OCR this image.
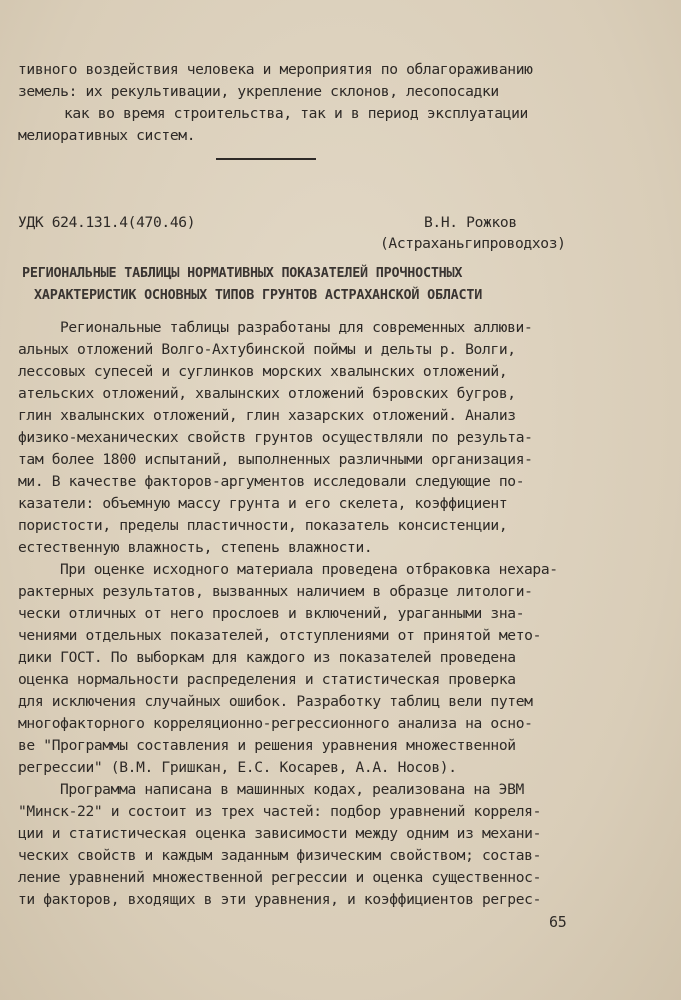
тивного воздействия человека и мероприятия по облагораживанию
земель: их рекультивации, укрепление склонов, лесопосадки
как во время строительства, так и в период эксплуатации
мелиоративных систем.
УДК 624.131.4(470.46)	В.Н. Рожков
(Астраханьгипроводхоз)
РЕГИОНАЛЬНЫЕ ТАБЛИЦЫ НОРМАТИВНЫХ ПОКАЗАТЕЛЕЙ ПРОЧНОСТНЫХ
ХАРАКТЕРИСТИК ОСНОВНЫХ ТИПОВ ГРУНТОВ АСТРАХАНСКОЙ ОБЛАСТИ
Региональные таблицы разработаны для современных аллюви-
альных отложений Волго-Ахтубинской поймы и дельты р. Волги,
лессовых супесей и суглинков морских хвалынских отложений,
ательских отложений, хвалынских отложений бэровских бугров,
глин хвалынских отложений, глин хазарских отложений. Анализ
физико-механических свойств грунтов осуществляли по результа-
там более 1800 испытаний, выполненных различными организация-
ми. В качестве факторов-аргументов исследовали следующие по-
казатели: объемную массу грунта и его скелета, коэффициент
пористости, пределы пластичности, показатель консистенции,
естественную влажность, степень влажности.
При оценке исходного материала проведена отбраковка нехара-
рактерных результатов, вызванных наличием в образце литологи-
чески отличных от него прослоев и включений, ураганными зна-
чениями отдельных показателей, отступлениями от принятой мето-
дики ГОСТ. По выборкам для каждого из показателей проведена
оценка нормальности распределения и статистическая проверка
для исключения случайных ошибок. Разработку таблиц вели путем
многофакторного корреляционно-регрессионного анализа на осно-
ве "Программы составления и решения уравнения множественной
регрессии" (В.М. Гришкан, Е.С. Косарев, А.А. Носов).
Программа написана в машинных кодах, реализована на ЭВМ
"Минск-22" и состоит из трех частей: подбор уравнений корреля-
ции и статистическая оценка зависимости между одним из механи-
ческих свойств и каждым заданным физическим свойством; состав-
ление уравнений множественной регрессии и оценка существеннос-
ти факторов, входящих в эти уравнения, и коэффициентов регрес-
65
